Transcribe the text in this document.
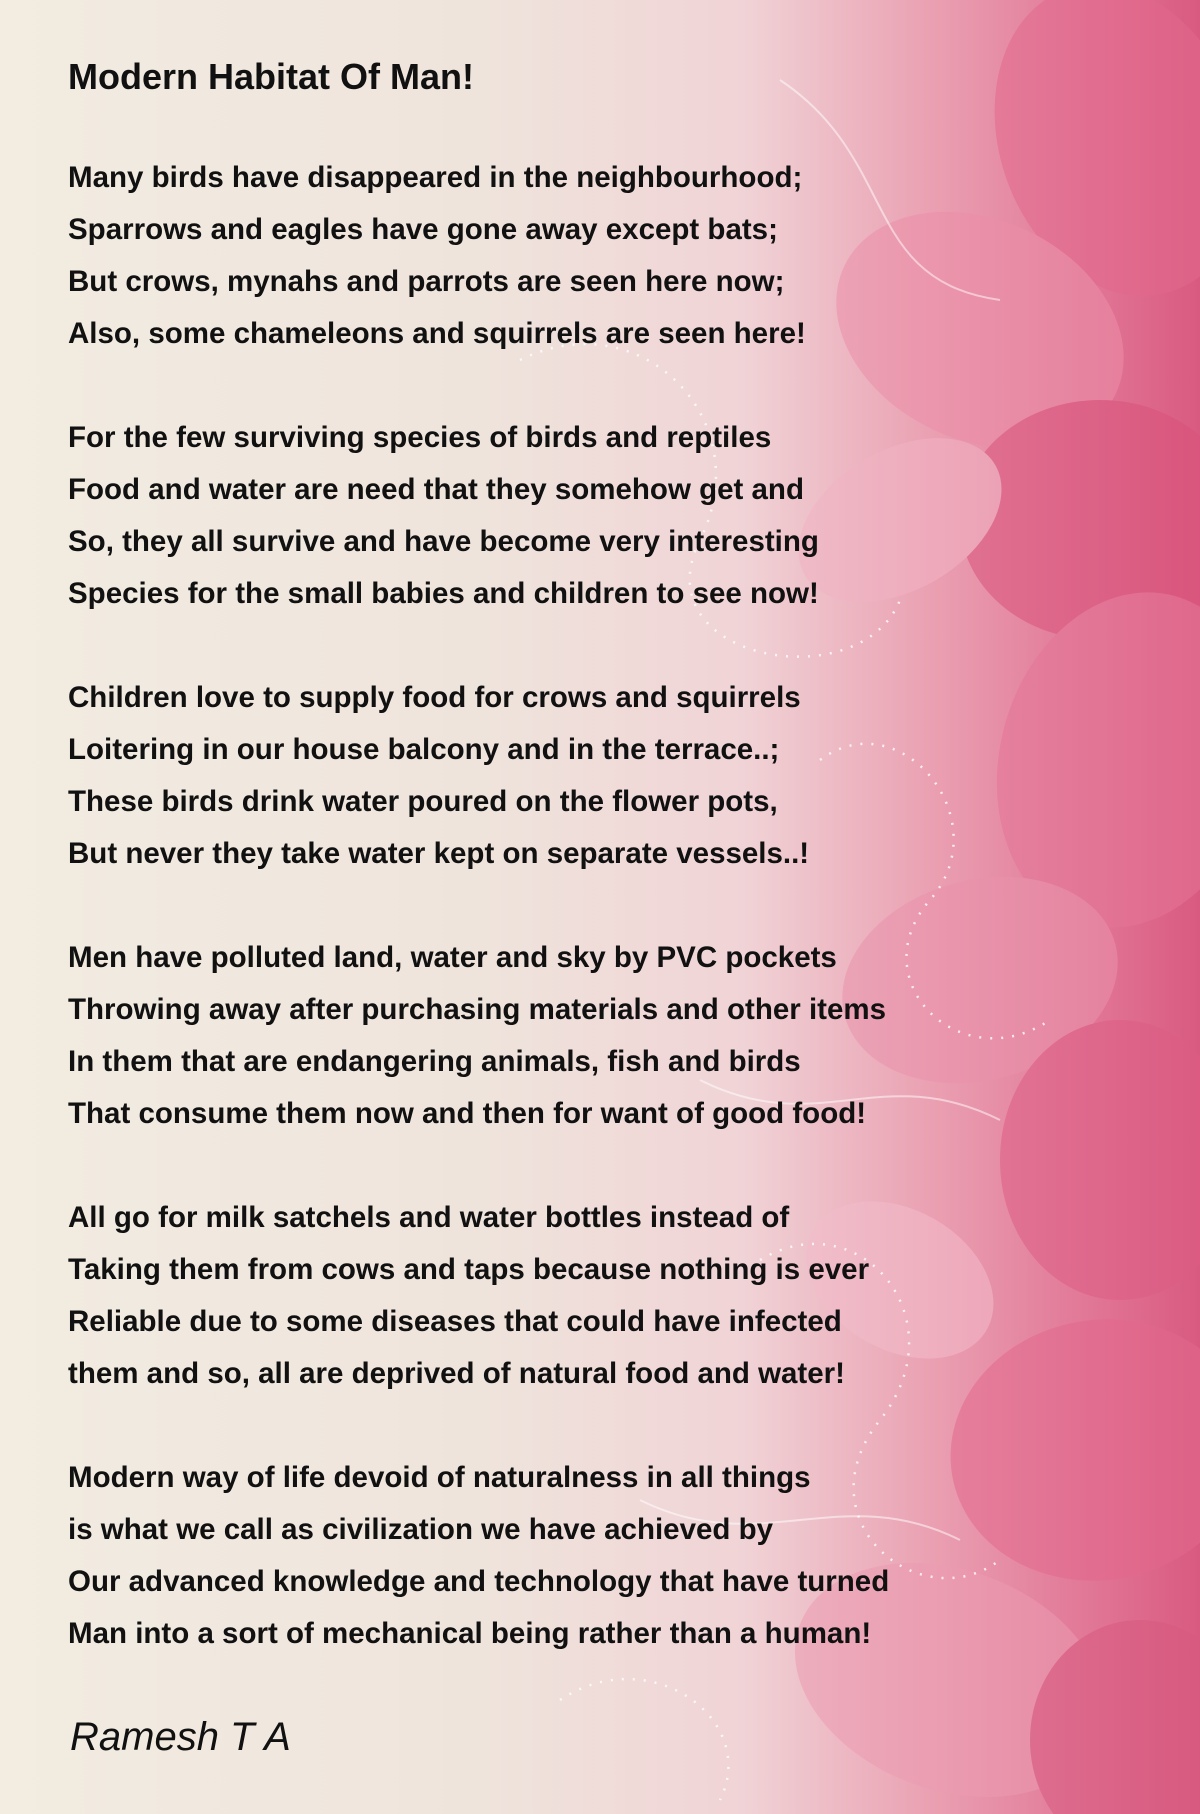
Modern Habitat Of Man!
Many birds have disappeared in the neighbourhood;
Sparrows and eagles have gone away except bats;
But crows, mynahs and parrots are seen here now;
Also, some chameleons and squirrels are seen here!
For the few surviving species of birds and reptiles
Food and water are need that they somehow get and
So, they all survive and have become very interesting
Species for the small babies and children to see now!
Children love to supply food for crows and squirrels
Loitering in our house balcony and in the terrace..;
These birds drink water poured on the flower pots,
But never they take water kept on separate vessels..!
Men have polluted land, water and sky by PVC pockets
Throwing away after purchasing materials and other items
In them that are endangering animals, fish and birds
That consume them now and then for want of good food!
All go for milk satchels and water bottles instead of
Taking them from cows and taps because nothing is ever
Reliable due to some diseases that could have infected
them and so, all are deprived of natural food and water!
Modern way of life devoid of naturalness in all things
is what we call as civilization we have achieved by
Our advanced knowledge and technology that have turned
Man into a sort of mechanical being rather than a human!
Ramesh T A
